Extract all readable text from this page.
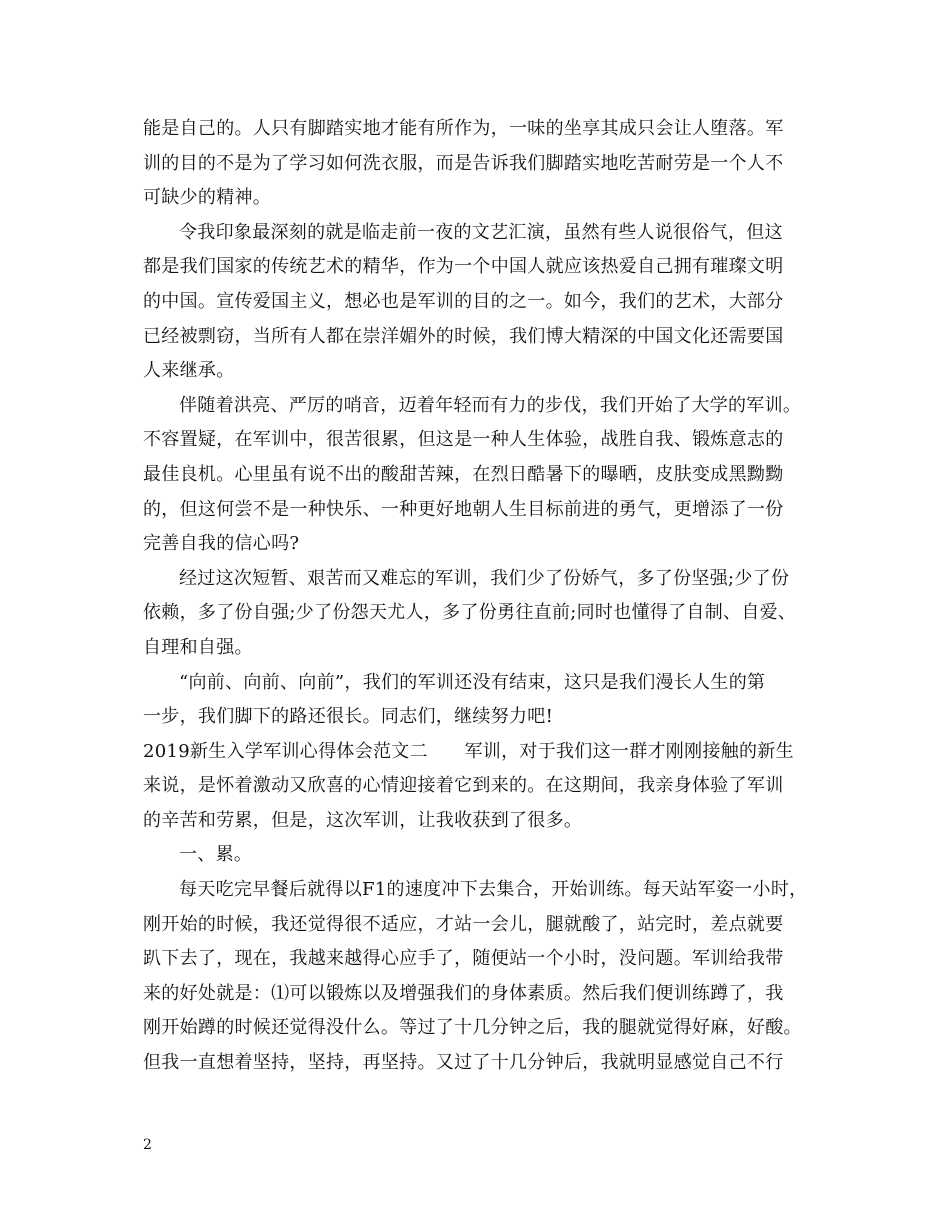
能是自己的。人只有脚踏实地才能有所作为，一味的坐享其成只会让人堕落。军
训的目的不是为了学习如何洗衣服，而是告诉我们脚踏实地吃苦耐劳是一个人不
可缺少的精神。
令我印象最深刻的就是临走前一夜的文艺汇演，虽然有些人说很俗气，但这
都是我们国家的传统艺术的精华，作为一个中国人就应该热爱自己拥有璀璨文明
的中国。宣传爱国主义，想必也是军训的目的之一。如今，我们的艺术，大部分
已经被剽窃，当所有人都在崇洋媚外的时候，我们博大精深的中国文化还需要国
人来继承。
伴随着洪亮、严厉的哨音，迈着年轻而有力的步伐，我们开始了大学的军训。
不容置疑，在军训中，很苦很累，但这是一种人生体验，战胜自我、锻炼意志的
最佳良机。心里虽有说不出的酸甜苦辣，在烈日酷暑下的曝晒，皮肤变成黑黝黝
的，但这何尝不是一种快乐、一种更好地朝人生目标前进的勇气，更增添了一份
完善自我的信心吗?
经过这次短暂、艰苦而又难忘的军训，我们少了份娇气，多了份坚强;少了份
依赖，多了份自强;少了份怨天尤人，多了份勇往直前;同时也懂得了自制、自爱、
自理和自强。
“向前、向前、向前”，我们的军训还没有结束，这只是我们漫长人生的第
一步，我们脚下的路还很长。同志们，继续努力吧!
2019新生入学军训心得体会范文二　　军训，对于我们这一群才刚刚接触的新生
来说，是怀着激动又欣喜的心情迎接着它到来的。在这期间，我亲身体验了军训
的辛苦和劳累，但是，这次军训，让我收获到了很多。
一、累。
每天吃完早餐后就得以F1的速度冲下去集合，开始训练。每天站军姿一小时，
刚开始的时候，我还觉得很不适应，才站一会儿，腿就酸了，站完时，差点就要
趴下去了，现在，我越来越得心应手了，随便站一个小时，没问题。军训给我带
来的好处就是：⑴可以锻炼以及增强我们的身体素质。然后我们便训练蹲了，我
刚开始蹲的时候还觉得没什么。等过了十几分钟之后，我的腿就觉得好麻，好酸。
但我一直想着坚持，坚持，再坚持。又过了十几分钟后，我就明显感觉自己不行
2
